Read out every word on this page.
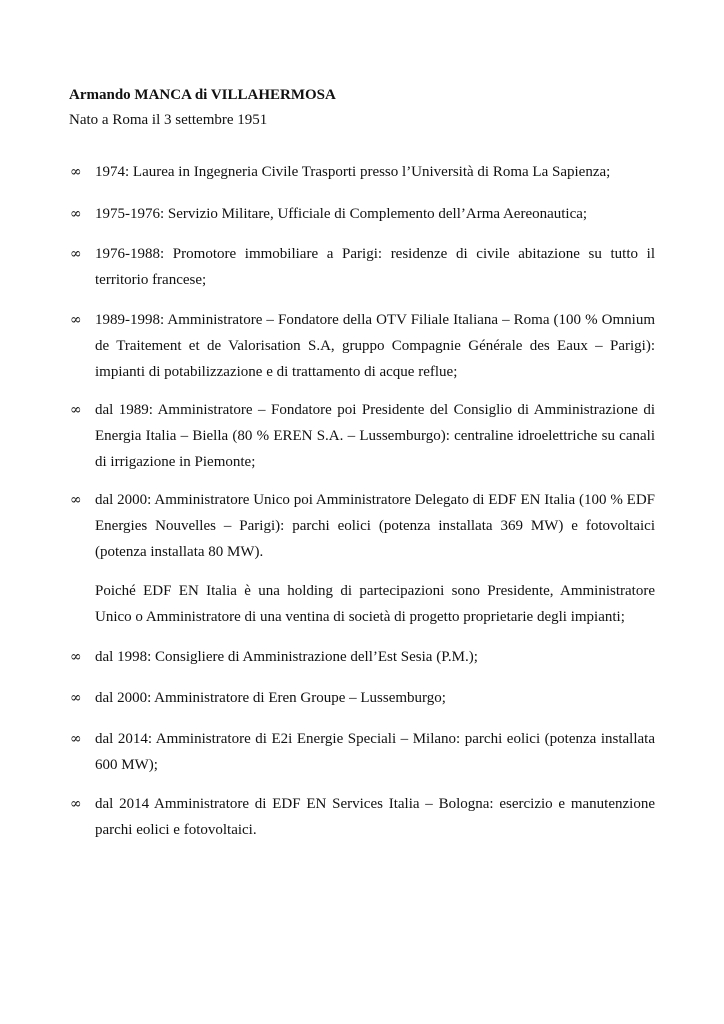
Armando MANCA di VILLAHERMOSA
Nato a Roma il 3 settembre 1951
∞ 1974: Laurea in Ingegneria Civile Trasporti presso l’Università di Roma La Sapienza;
∞ 1975-1976: Servizio Militare, Ufficiale di Complemento dell’Arma Aereonautica;
∞ 1976-1988: Promotore immobiliare a Parigi: residenze di civile abitazione su tutto il territorio francese;
∞ 1989-1998: Amministratore – Fondatore della OTV Filiale Italiana – Roma (100 % Omnium de Traitement et de Valorisation S.A, gruppo Compagnie Générale des Eaux – Parigi): impianti di potabilizzazione e di trattamento di acque reflue;
∞ dal 1989: Amministratore – Fondatore poi Presidente del Consiglio di Amministrazione di Energia Italia – Biella (80 % EREN S.A. – Lussemburgo): centraline idroelettriche su canali di irrigazione in Piemonte;
∞ dal 2000: Amministratore Unico poi Amministratore Delegato di EDF EN Italia (100 % EDF Energies Nouvelles – Parigi): parchi eolici (potenza installata 369 MW) e fotovoltaici (potenza installata 80 MW).
Poiché EDF EN Italia è una holding di partecipazioni sono Presidente, Amministratore Unico o Amministratore di una ventina di società di progetto proprietarie degli impianti;
∞ dal 1998: Consigliere di Amministrazione dell’Est Sesia (P.M.);
∞ dal 2000: Amministratore di Eren Groupe – Lussemburgo;
∞ dal 2014: Amministratore di E2i Energie Speciali – Milano: parchi eolici (potenza installata 600 MW);
∞ dal 2014 Amministratore di EDF EN Services Italia – Bologna: esercizio e manutenzione parchi eolici e fotovoltaici.
